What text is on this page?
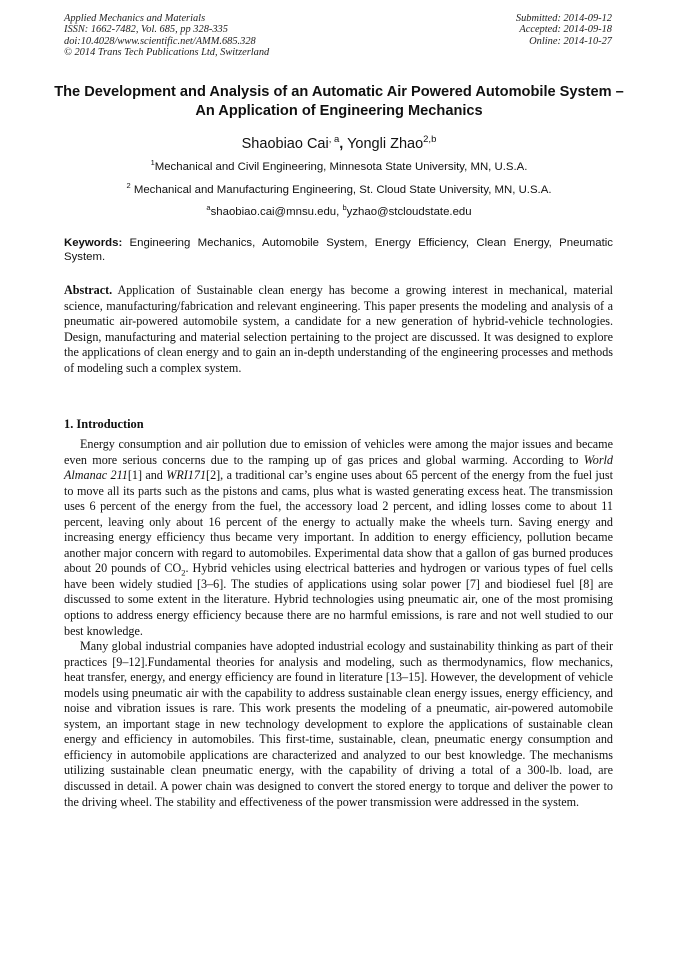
Applied Mechanics and Materials
ISSN: 1662-7482, Vol. 685, pp 328-335
doi:10.4028/www.scientific.net/AMM.685.328
© 2014 Trans Tech Publications Ltd, Switzerland
Submitted: 2014-09-12
Accepted: 2014-09-18
Online: 2014-10-27
The Development and Analysis of an Automatic Air Powered Automobile System – An Application of Engineering Mechanics
Shaobiao Cai$^{, a}$, Yongli Zhao$^{2,b}$
$^1$Mechanical and Civil Engineering, Minnesota State University, MN, U.S.A.
$^2$ Mechanical and Manufacturing Engineering, St. Cloud State University, MN, U.S.A.
$^a$shaobiao.cai@mnsu.edu, $^b$yzhao@stcloudstate.edu
Keywords: Engineering Mechanics, Automobile System, Energy Efficiency, Clean Energy, Pneumatic System.
Abstract. Application of Sustainable clean energy has become a growing interest in mechanical, material science, manufacturing/fabrication and relevant engineering. This paper presents the modeling and analysis of a pneumatic air-powered automobile system, a candidate for a new generation of hybrid-vehicle technologies. Design, manufacturing and material selection pertaining to the project are discussed. It was designed to explore the applications of clean energy and to gain an in-depth understanding of the engineering processes and methods of modeling such a complex system.
1. Introduction

Energy consumption and air pollution due to emission of vehicles were among the major issues and became even more serious concerns due to the ramping up of gas prices and global warming. According to World Almanac 211[1] and WRI171[2], a traditional car’s engine uses about 65 percent of the energy from the fuel just to move all its parts such as the pistons and cams, plus what is wasted generating excess heat. The transmission uses 6 percent of the energy from the fuel, the accessory load 2 percent, and idling losses come to about 11 percent, leaving only about 16 percent of the energy to actually make the wheels turn. Saving energy and increasing energy efficiency thus became very important. In addition to energy efficiency, pollution became another major concern with regard to automobiles. Experimental data show that a gallon of gas burned produces about 20 pounds of $CO_2$. Hybrid vehicles using electrical batteries and hydrogen or various types of fuel cells have been widely studied [3–6]. The studies of applications using solar power [7] and biodiesel fuel [8] are discussed to some extent in the literature. Hybrid technologies using pneumatic air, one of the most promising options to address energy efficiency because there are no harmful emissions, is rare and not well studied to our best knowledge.

Many global industrial companies have adopted industrial ecology and sustainability thinking as part of their practices [9–12].Fundamental theories for analysis and modeling, such as thermodynamics, flow mechanics, heat transfer, energy, and energy efficiency are found in literature [13–15]. However, the development of vehicle models using pneumatic air with the capability to address sustainable clean energy issues, energy efficiency, and noise and vibration issues is rare. This work presents the modeling of a pneumatic, air-powered automobile system, an important stage in new technology development to explore the applications of sustainable clean energy and efficiency in automobiles. This first-time, sustainable, clean, pneumatic energy consumption and efficiency in automobile applications are characterized and analyzed to our best knowledge. The mechanisms utilizing sustainable clean pneumatic energy, with the capability of driving a total of a 300-lb. load, are discussed in detail. A power chain was designed to convert the stored energy to torque and deliver the power to the driving wheel. The stability and effectiveness of the power transmission were addressed in the system.
